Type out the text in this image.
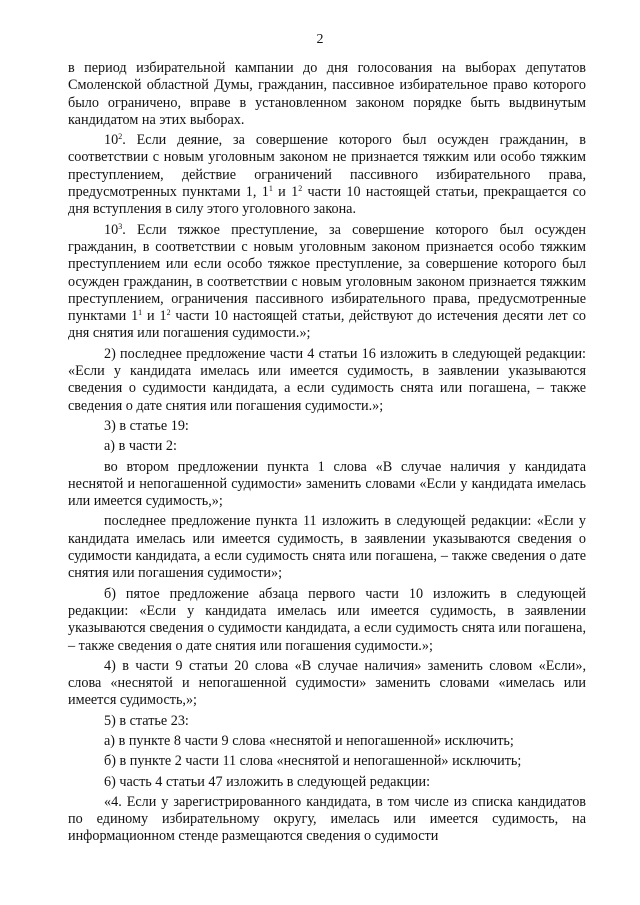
2

в период избирательной кампании до дня голосования на выборах депутатов Смоленской областной Думы, гражданин, пассивное избирательное право которого было ограничено, вправе в установленном законом порядке быть выдвинутым кандидатом на этих выборах.

$10^2$. Если деяние, за совершение которого был осужден гражданин, в соответствии с новым уголовным законом не признается тяжким или особо тяжким преступлением, действие ограничений пассивного избирательного права, предусмотренных пунктами 1, $1^1$ и $1^2$ части 10 настоящей статьи, прекращается со дня вступления в силу этого уголовного закона.

$10^3$. Если тяжкое преступление, за совершение которого был осужден гражданин, в соответствии с новым уголовным законом признается особо тяжким преступлением или если особо тяжкое преступление, за совершение которого был осужден гражданин, в соответствии с новым уголовным законом признается тяжким преступлением, ограничения пассивного избирательного права, предусмотренные пунктами $1^1$ и $1^2$ части 10 настоящей статьи, действуют до истечения десяти лет со дня снятия или погашения судимости.»;

2) последнее предложение части 4 статьи 16 изложить в следующей редакции: «Если у кандидата имелась или имеется судимость, в заявлении указываются сведения о судимости кандидата, а если судимость снята или погашена, – также сведения о дате снятия или погашения судимости.»;

3) в статье 19:

а) в части 2:

во втором предложении пункта 1 слова «В случае наличия у кандидата неснятой и непогашенной судимости» заменить словами «Если у кандидата имелась или имеется судимость,»;

последнее предложение пункта 11 изложить в следующей редакции: «Если у кандидата имелась или имеется судимость, в заявлении указываются сведения о судимости кандидата, а если судимость снята или погашена, – также сведения о дате снятия или погашения судимости»;

б) пятое предложение абзаца первого части 10 изложить в следующей редакции: «Если у кандидата имелась или имеется судимость, в заявлении указываются сведения о судимости кандидата, а если судимость снята или погашена, – также сведения о дате снятия или погашения судимости.»;

4) в части 9 статьи 20 слова «В случае наличия» заменить словом «Если», слова «неснятой и непогашенной судимости» заменить словами «имелась или имеется судимость,»;

5) в статье 23:

а) в пункте 8 части 9 слова «неснятой и непогашенной» исключить;

б) в пункте 2 части 11 слова «неснятой и непогашенной» исключить;

6) часть 4 статьи 47 изложить в следующей редакции:

«4. Если у зарегистрированного кандидата, в том числе из списка кандидатов по единому избирательному округу, имелась или имеется судимость, на информационном стенде размещаются сведения о судимости
